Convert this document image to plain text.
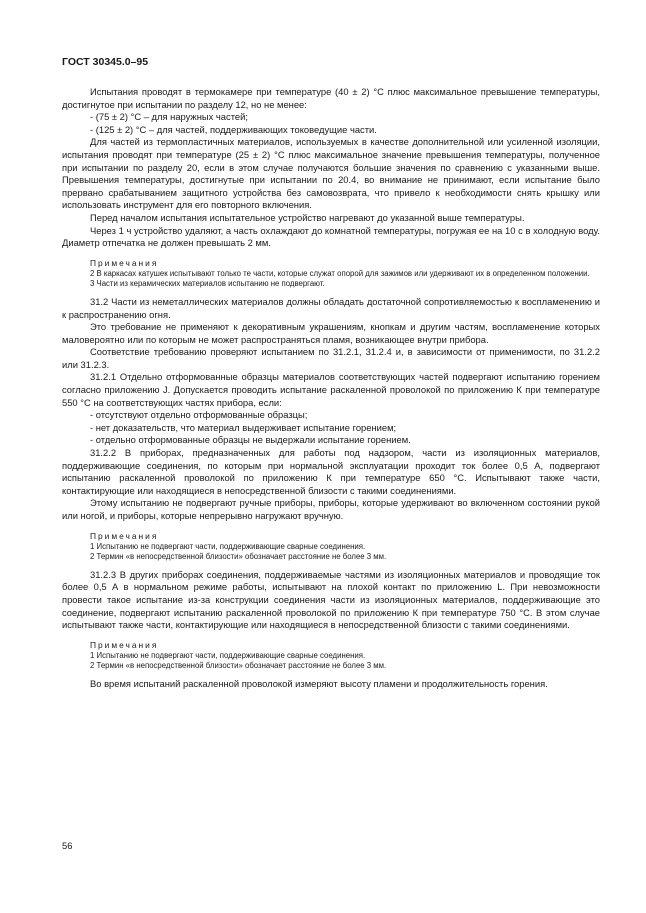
ГОСТ 30345.0–95

Испытания проводят в термокамере при температуре (40 ± 2) °С плюс максимальное превышение температуры, достигнутое при испытании по разделу 12, но не менее:

- (75 ± 2) °С – для наружных частей;

- (125 ± 2) °С – для частей, поддерживающих токоведущие части.

Для частей из термопластичных материалов, используемых в качестве дополнительной или усиленной изоляции, испытания проводят при температуре (25 ± 2) °С плюс максимальное значение превышения температуры, полученное при испытании по разделу 20, если в этом случае получаются большие значения по сравнению с указанными выше. Превышения температуры, достигнутые при испытании по 20.4, во внимание не принимают, если испытание было прервано срабатыванием защитного устройства без самовозврата, что привело к необходимости снять крышку или использовать инструмент для его повторного включения.

Перед началом испытания испытательное устройство нагревают до указанной выше температуры.

Через 1 ч устройство удаляют, а часть охлаждают до комнатной температуры, погружая ее на 10 с в холодную воду. Диаметр отпечатка не должен превышать 2 мм.

Примечания
2 В каркасах катушек испытывают только те части, которые служат опорой для зажимов или удерживают их в определенном положении.
3 Части из керамических материалов испытанию не подвергают.

31.2 Части из неметаллических материалов должны обладать достаточной сопротивляемостью к воспламенению и к распространению огня.

Это требование не применяют к декоративным украшениям, кнопкам и другим частям, воспламенение которых маловероятно или по которым не может распространяться пламя, возникающее внутри прибора.

Соответствие требованию проверяют испытанием по 31.2.1, 31.2.4 и, в зависимости от применимости, по 31.2.2 или 31.2.3.

31.2.1 Отдельно отформованные образцы материалов соответствующих частей подвергают испытанию горением согласно приложению J. Допускается проводить испытание раскаленной проволокой по приложению К при температуре 550 °С на соответствующих частях прибора, если:

- отсутствуют отдельно отформованные образцы;

- нет доказательств, что материал выдерживает испытание горением;

- отдельно отформованные образцы не выдержали испытание горением.

31.2.2 В приборах, предназначенных для работы под надзором, части из изоляционных материалов, поддерживающие соединения, по которым при нормальной эксплуатации проходит ток более 0,5 А, подвергают испытанию раскаленной проволокой по приложению К при температуре 650 °С. Испытывают также части, контактирующие или находящиеся в непосредственной близости с такими соединениями.

Этому испытанию не подвергают ручные приборы, приборы, которые удерживают во включенном состоянии рукой или ногой, и приборы, которые непрерывно нагружают вручную.

Примечания
1 Испытанию не подвергают части, поддерживающие сварные соединения.
2 Термин «в непосредственной близости» обозначает расстояние не более 3 мм.

31.2.3 В других приборах соединения, поддерживаемые частями из изоляционных материалов и проводящие ток более 0,5 А в нормальном режиме работы, испытывают на плохой контакт по приложению L. При невозможности провести такое испытание из-за конструкции соединения части из изоляционных материалов, поддерживающие это соединение, подвергают испытанию раскаленной проволокой по приложению К при температуре 750 °С. В этом случае испытывают также части, контактирующие или находящиеся в непосредственной близости с такими соединениями.

Примечания
1 Испытанию не подвергают части, поддерживающие сварные соединения.
2 Термин «в непосредственной близости» обозначает расстояние не более 3 мм.

Во время испытаний раскаленной проволокой измеряют высоту пламени и продолжительность горения.

56
